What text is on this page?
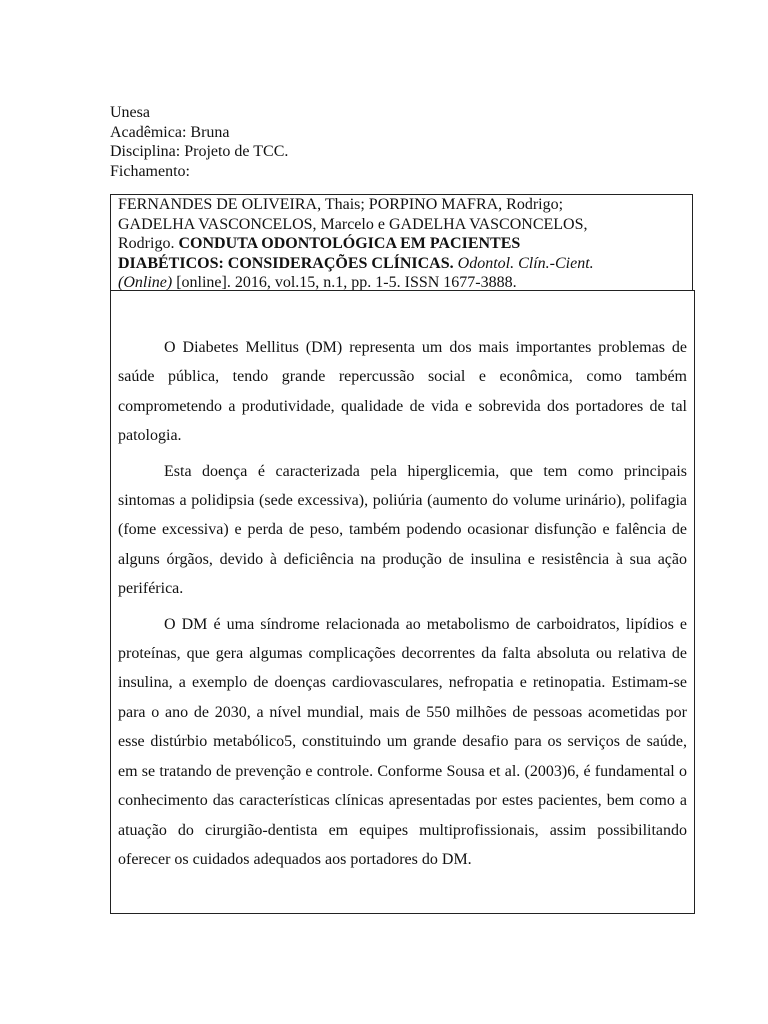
Unesa
Acadêmica: Bruna
Disciplina: Projeto de TCC.
Fichamento:
FERNANDES DE OLIVEIRA, Thais; PORPINO MAFRA, Rodrigo;
GADELHA VASCONCELOS, Marcelo e GADELHA VASCONCELOS,
Rodrigo. CONDUTA ODONTOLÓGICA EM PACIENTES
DIABÉTICOS: CONSIDERAÇÕES CLÍNICAS. Odontol. Clín.-Cient.
(Online) [online]. 2016, vol.15, n.1, pp. 1-5. ISSN 1677-3888.

O Diabetes Mellitus (DM) representa um dos mais importantes problemas de saúde pública, tendo grande repercussão social e econômica, como também comprometendo a produtividade, qualidade de vida e sobrevida dos portadores de tal patologia.

Esta doença é caracterizada pela hiperglicemia, que tem como principais sintomas a polidipsia (sede excessiva), poliúria (aumento do volume urinário), polifagia (fome excessiva) e perda de peso, também podendo ocasionar disfunção e falência de alguns órgãos, devido à deficiência na produção de insulina e resistência à sua ação periférica.

O DM é uma síndrome relacionada ao metabolismo de carboidratos, lipídios e proteínas, que gera algumas complicações decorrentes da falta absoluta ou relativa de insulina, a exemplo de doenças cardiovasculares, nefropatia e retinopatia. Estimam-se para o ano de 2030, a nível mundial, mais de 550 milhões de pessoas acometidas por esse distúrbio metabólico5, constituindo um grande desafio para os serviços de saúde, em se tratando de prevenção e controle. Conforme Sousa et al. (2003)6, é fundamental o conhecimento das características clínicas apresentadas por estes pacientes, bem como a atuação do cirurgião-dentista em equipes multiprofissionais, assim possibilitando oferecer os cuidados adequados aos portadores do DM.
